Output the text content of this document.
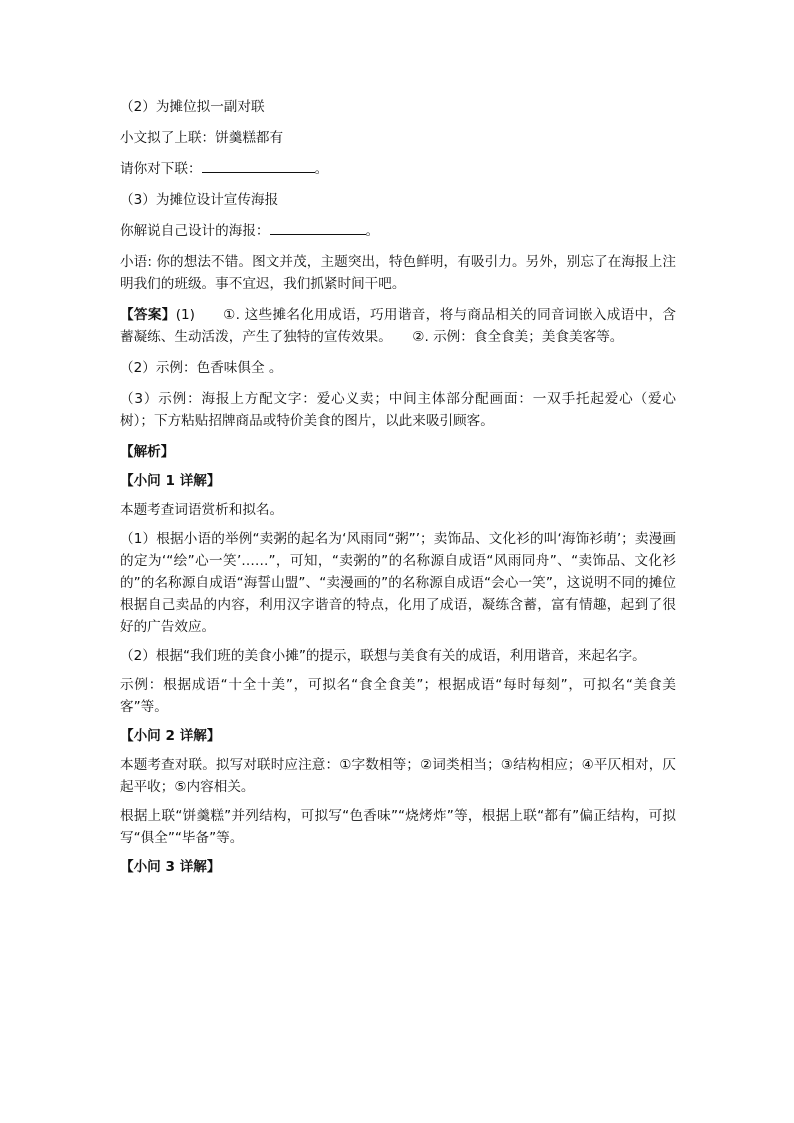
（2）为摊位拟一副对联

小文拟了上联：饼羹糕都有

请你对下联：	。

（3）为摊位设计宣传海报

你解说自己设计的海报：	。

小语: 你的想法不错。图文并茂，主题突出，特色鲜明，有吸引力。另外，别忘了在海报上注明我们的班级。事不宜迟，我们抓紧时间干吧。

【答案】(1)　　①. 这些摊名化用成语，巧用谐音，将与商品相关的同音词嵌入成语中，含蓄凝练、生动活泼，产生了独特的宣传效果。　　②. 示例：食全食美；美食美客等。

（2）示例：色香味俱全 。

（3）示例：海报上方配文字：爱心义卖；中间主体部分配画面：一双手托起爱心（爱心树）；下方粘贴招牌商品或特价美食的图片，以此来吸引顾客。

【解析】

【小问 1 详解】

本题考查词语赏析和拟名。

（1）根据小语的举例“卖粥的起名为‘风雨同“粥”’；卖饰品、文化衫的叫‘海饰衫萌’；卖漫画的定为‘“绘”心一笑’……”，可知，“卖粥的”的名称源自成语“风雨同舟”、“卖饰品、文化衫的”的名称源自成语“海誓山盟”、“卖漫画的”的名称源自成语“会心一笑”，这说明不同的摊位根据自己卖品的内容，利用汉字谐音的特点，化用了成语，凝练含蓄，富有情趣，起到了很好的广告效应。

（2）根据“我们班的美食小摊”的提示，联想与美食有关的成语，利用谐音，来起名字。

示例：根据成语“十全十美”，可拟名“食全食美”；根据成语“每时每刻”，可拟名“美食美客”等。

【小问 2 详解】

本题考查对联。拟写对联时应注意：①字数相等；②词类相当；③结构相应；④平仄相对，仄起平收；⑤内容相关。

根据上联“饼羹糕”并列结构，可拟写“色香味”“烧烤炸”等，根据上联“都有”偏正结构，可拟写“俱全”“毕备”等。

【小问 3 详解】
